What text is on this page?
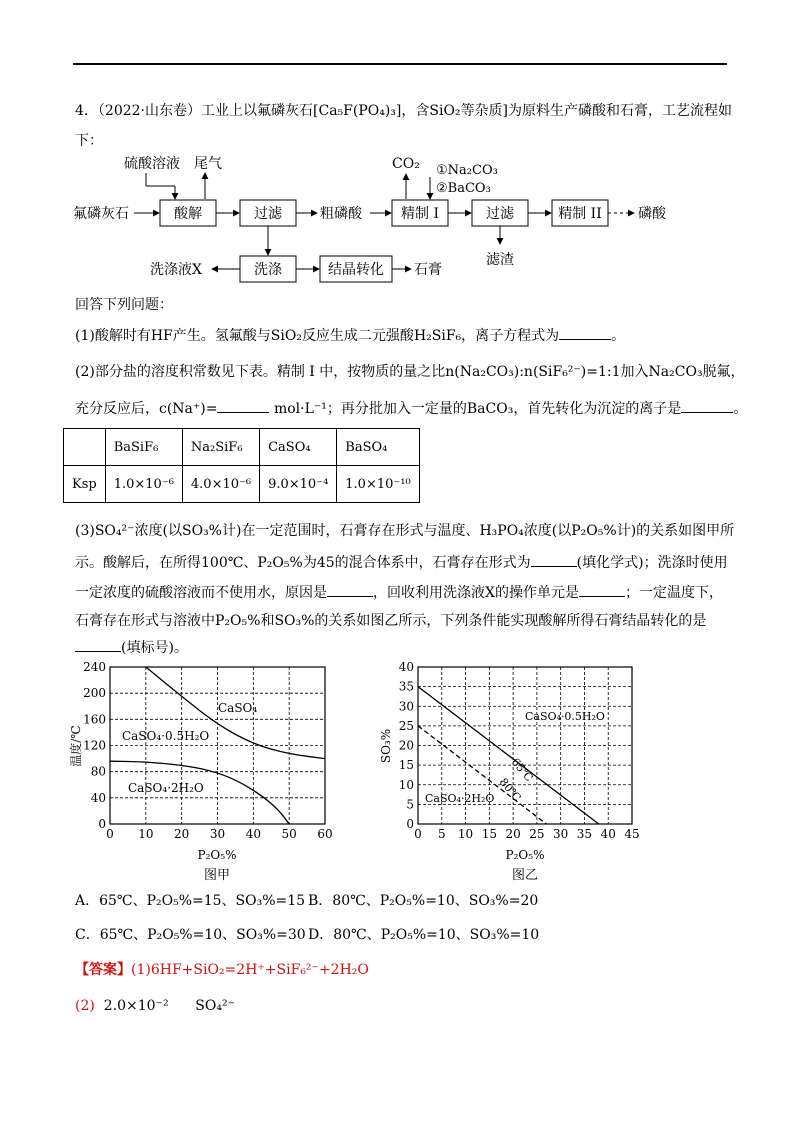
4．（2022·山东卷）工业上以氟磷灰石[Ca₅F(PO₄)₃]，含SiO₂等杂质]为原料生产磷酸和石膏，工艺流程如
下：
酸解	过滤	精制 I	过滤	精制 II
洗涤	结晶转化
氟磷灰石
硫酸溶液 尾气
粗磷酸
CO₂ ①Na₂CO₃
②BaCO₃
磷酸
滤渣
洗涤液X	石膏
回答下列问题：
(1)酸解时有HF产生。氢氟酸与SiO₂反应生成二元强酸H₂SiF₆，离子方程式为	。
(2)部分盐的溶度积常数见下表。精制 I 中，按物质的量之比n(Na₂CO₃):n(SiF₆²⁻)=1:1加入Na₂CO₃脱氟，
充分反应后，c(Na⁺)=	mol·L⁻¹；再分批加入一定量的BaCO₃，首先转化为沉淀的离子是	。
	BaSiF₆	Na₂SiF₆	CaSO₄	BaSO₄
Ksp	1.0×10⁻⁶	4.0×10⁻⁶	9.0×10⁻⁴	1.0×10⁻¹⁰
(3)SO₄²⁻浓度(以SO₃%计)在一定范围时，石膏存在形式与温度、H₃PO₄浓度(以P₂O₅%计)的关系如图甲所
示。酸解后，在所得100℃、P₂O₅%为45的混合体系中，石膏存在形式为	(填化学式)；洗涤时使用
一定浓度的硫酸溶液而不使用水，原因是	，回收利用洗涤液X的操作单元是	；一定温度下，
石膏存在形式与溶液中P₂O₅%和SO₃%的关系如图乙所示，下列条件能实现酸解所得石膏结晶转化的是
(填标号)。
0 10 20 30 40 50 60
0
40
80
120
160
200
240
图甲
P₂O₅%
温度/℃
CaSO₄
CaSO₄·0.5H₂O
CaSO₄·2H₂O
0 5 10 15 20 25 30 35 40 45
0
5
10
15
20
25
30
35
40
图乙
P₂O₅%
SO₃%
CaSO₄·0.5H₂O
CaSO₄·2H₂O
65℃
80℃
A．65℃、P₂O₅%=15、SO₃%=15 B．80℃、P₂O₅%=10、SO₃%=20
C．65℃、P₂O₅%=10、SO₃%=30 D．80℃、P₂O₅%=10、SO₃%=10
【答案】(1)6HF+SiO₂=2H⁺+SiF₆²⁻+2H₂O
(2) 2.0×10⁻² SO₄²⁻
